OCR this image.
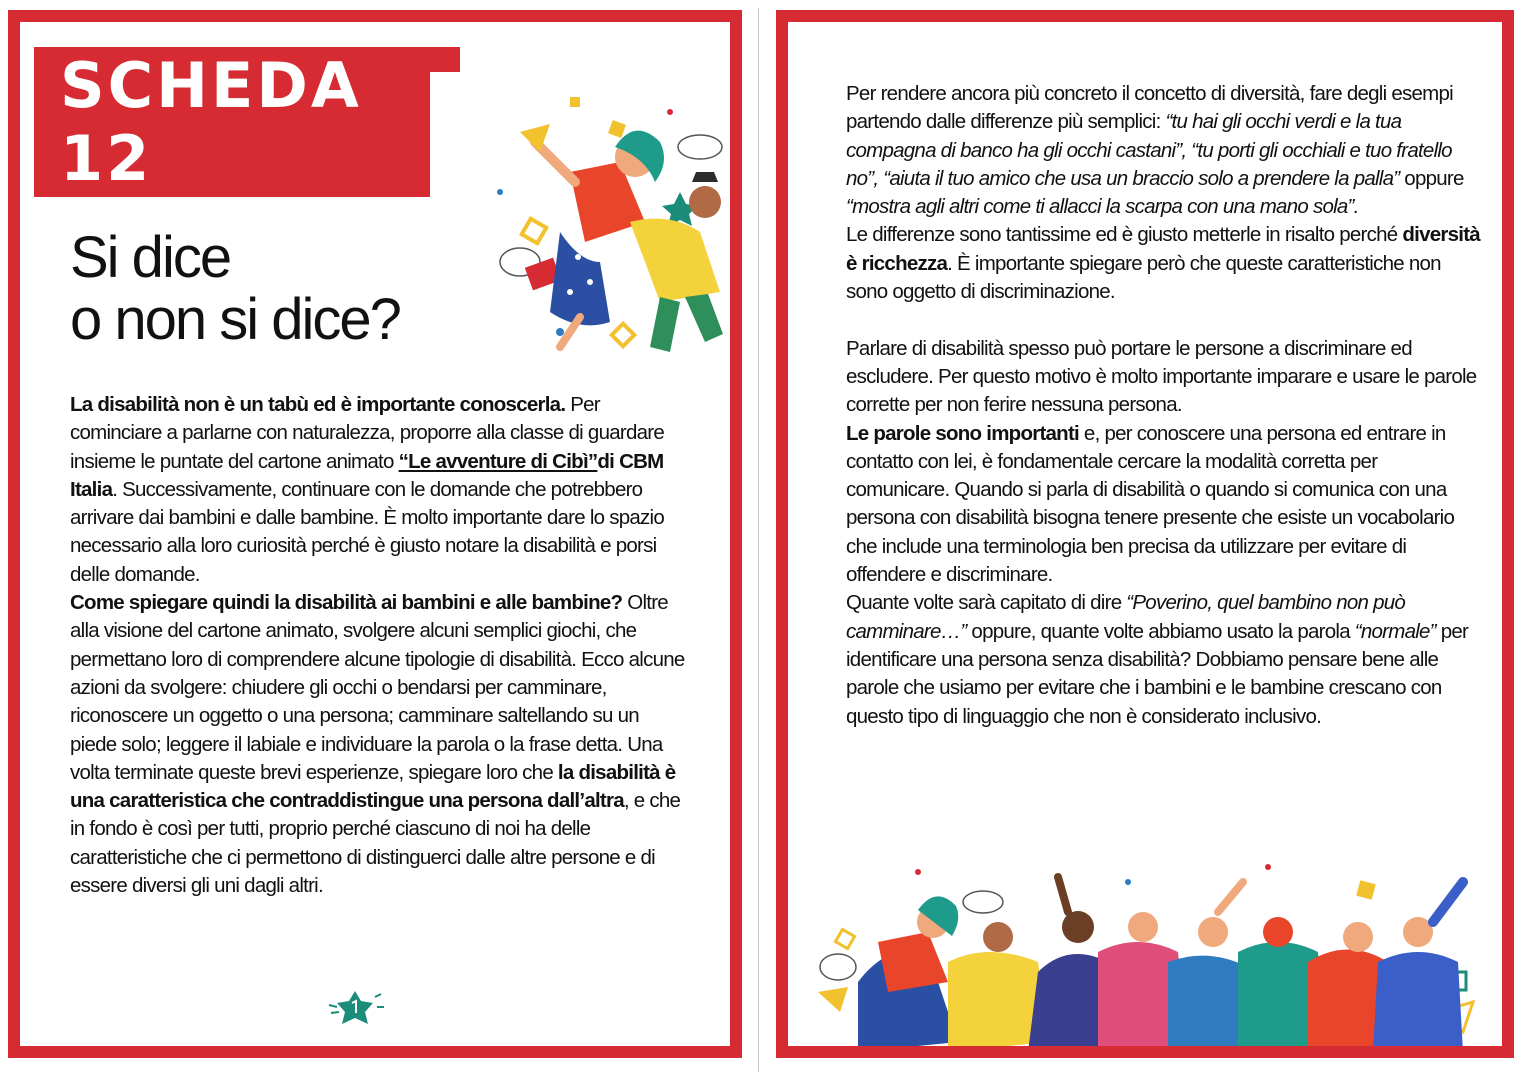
SCHEDA 12
Si dice
o non si dice?

La disabilità non è un tabù ed è importante conoscerla. Per cominciare a parlarne con naturalezza, proporre alla classe di guardare insieme le puntate del cartone animato “Le avventure di Cibì”di CBM Italia. Successivamente, continuare con le domande che potrebbero arrivare dai bambini e dalle bambine. È molto importante dare lo spazio necessario alla loro curiosità perché è giusto notare la disabilità e porsi delle domande.
Come spiegare quindi la disabilità ai bambini e alle bambine? Oltre alla visione del cartone animato, svolgere alcuni semplici giochi, che permettano loro di comprendere alcune tipologie di disabilità. Ecco alcune azioni da svolgere: chiudere gli occhi o bendarsi per camminare, riconoscere un oggetto o una persona; camminare saltellando su un piede solo; leggere il labiale e individuare la parola o la frase detta. Una volta terminate queste brevi esperienze, spiegare loro che la disabilità è una caratteristica che contraddistingue una persona dall’altra, e che in fondo è così per tutti, proprio perché ciascuno di noi ha delle caratteristiche che ci permettono di distinguerci dalle altre persone e di essere diversi gli uni dagli altri.

Per rendere ancora più concreto il concetto di diversità, fare degli esempi partendo dalle differenze più semplici: “tu hai gli occhi verdi e la tua compagna di banco ha gli occhi castani”, “tu porti gli occhiali e tuo fratello no”, “aiuta il tuo amico che usa un braccio solo a prendere la palla” oppure “mostra agli altri come ti allacci la scarpa con una mano sola”.

Le differenze sono tantissime ed è giusto metterle in risalto perché diversità è ricchezza. È importante spiegare però che queste caratteristiche non sono oggetto di discriminazione.

Parlare di disabilità spesso può portare le persone a discriminare ed escludere. Per questo motivo è molto importante imparare e usare le parole corrette per non ferire nessuna persona.

Le parole sono importanti e, per conoscere una persona ed entrare in contatto con lei, è fondamentale cercare la modalità corretta per comunicare. Quando si parla di disabilità o quando si comunica con una persona con disabilità bisogna tenere presente che esiste un vocabolario che include una terminologia ben precisa da utilizzare per evitare di offendere e discriminare.

Quante volte sarà capitato di dire “Poverino, quel bambino non può camminare…” oppure, quante volte abbiamo usato la parola “normale” per identificare una persona senza disabilità? Dobbiamo pensare bene alle parole che usiamo per evitare che i bambini e le bambine crescano con questo tipo di linguaggio che non è considerato inclusivo.
